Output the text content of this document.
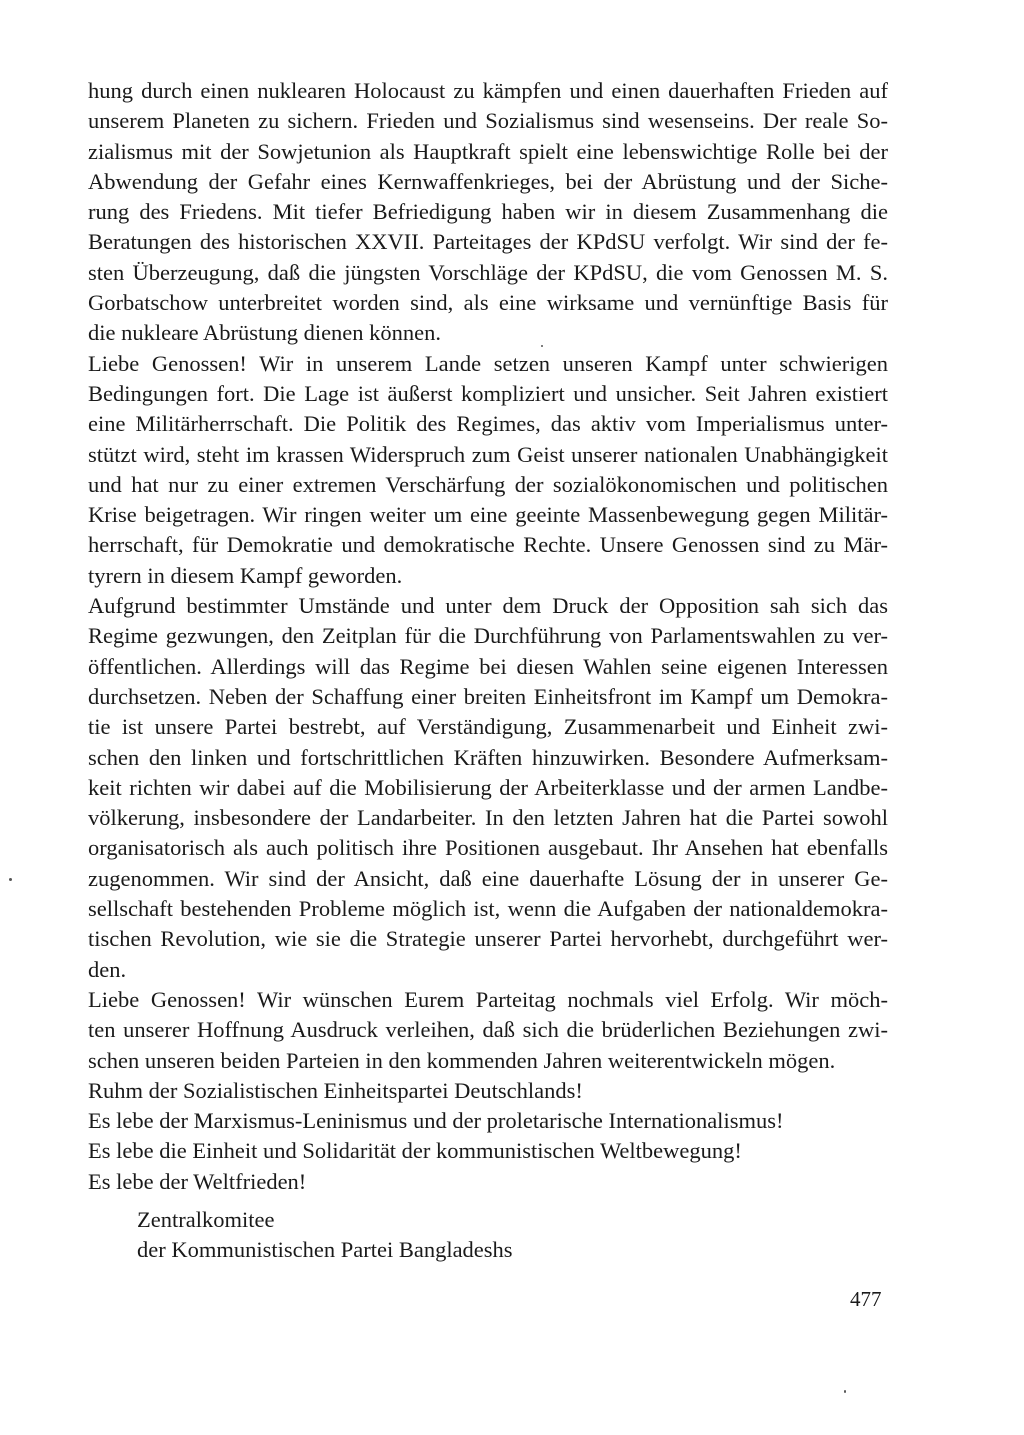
hung durch einen nuklearen Holocaust zu kämpfen und einen dauerhaften Frieden auf
unserem Planeten zu sichern. Frieden und Sozialismus sind wesenseins. Der reale So-
zialismus mit der Sowjetunion als Hauptkraft spielt eine lebenswichtige Rolle bei der
Abwendung der Gefahr eines Kernwaffenkrieges, bei der Abrüstung und der Siche-
rung des Friedens. Mit tiefer Befriedigung haben wir in diesem Zusammenhang die
Beratungen des historischen XXVII. Parteitages der KPdSU verfolgt. Wir sind der fe-
sten Überzeugung, daß die jüngsten Vorschläge der KPdSU, die vom Genossen M. S.
Gorbatschow unterbreitet worden sind, als eine wirksame und vernünftige Basis für
die nukleare Abrüstung dienen können.
Liebe Genossen! Wir in unserem Lande setzen unseren Kampf unter schwierigen
Bedingungen fort. Die Lage ist äußerst kompliziert und unsicher. Seit Jahren existiert
eine Militärherrschaft. Die Politik des Regimes, das aktiv vom Imperialismus unter-
stützt wird, steht im krassen Widerspruch zum Geist unserer nationalen Unabhängigkeit
und hat nur zu einer extremen Verschärfung der sozialökonomischen und politischen
Krise beigetragen. Wir ringen weiter um eine geeinte Massenbewegung gegen Militär-
herrschaft, für Demokratie und demokratische Rechte. Unsere Genossen sind zu Mär-
tyrern in diesem Kampf geworden.
Aufgrund bestimmter Umstände und unter dem Druck der Opposition sah sich das
Regime gezwungen, den Zeitplan für die Durchführung von Parlamentswahlen zu ver-
öffentlichen. Allerdings will das Regime bei diesen Wahlen seine eigenen Interessen
durchsetzen. Neben der Schaffung einer breiten Einheitsfront im Kampf um Demokra-
tie ist unsere Partei bestrebt, auf Verständigung, Zusammenarbeit und Einheit zwi-
schen den linken und fortschrittlichen Kräften hinzuwirken. Besondere Aufmerksam-
keit richten wir dabei auf die Mobilisierung der Arbeiterklasse und der armen Landbe-
völkerung, insbesondere der Landarbeiter. In den letzten Jahren hat die Partei sowohl
organisatorisch als auch politisch ihre Positionen ausgebaut. Ihr Ansehen hat ebenfalls
zugenommen. Wir sind der Ansicht, daß eine dauerhafte Lösung der in unserer Ge-
sellschaft bestehenden Probleme möglich ist, wenn die Aufgaben der nationaldemokra-
tischen Revolution, wie sie die Strategie unserer Partei hervorhebt, durchgeführt wer-
den.
Liebe Genossen! Wir wünschen Eurem Parteitag nochmals viel Erfolg. Wir möch-
ten unserer Hoffnung Ausdruck verleihen, daß sich die brüderlichen Beziehungen zwi-
schen unseren beiden Parteien in den kommenden Jahren weiterentwickeln mögen.
Ruhm der Sozialistischen Einheitspartei Deutschlands!
Es lebe der Marxismus-Leninismus und der proletarische Internationalismus!
Es lebe die Einheit und Solidarität der kommunistischen Weltbewegung!
Es lebe der Weltfrieden!
Zentralkomitee
der Kommunistischen Partei Bangladeshs
477
